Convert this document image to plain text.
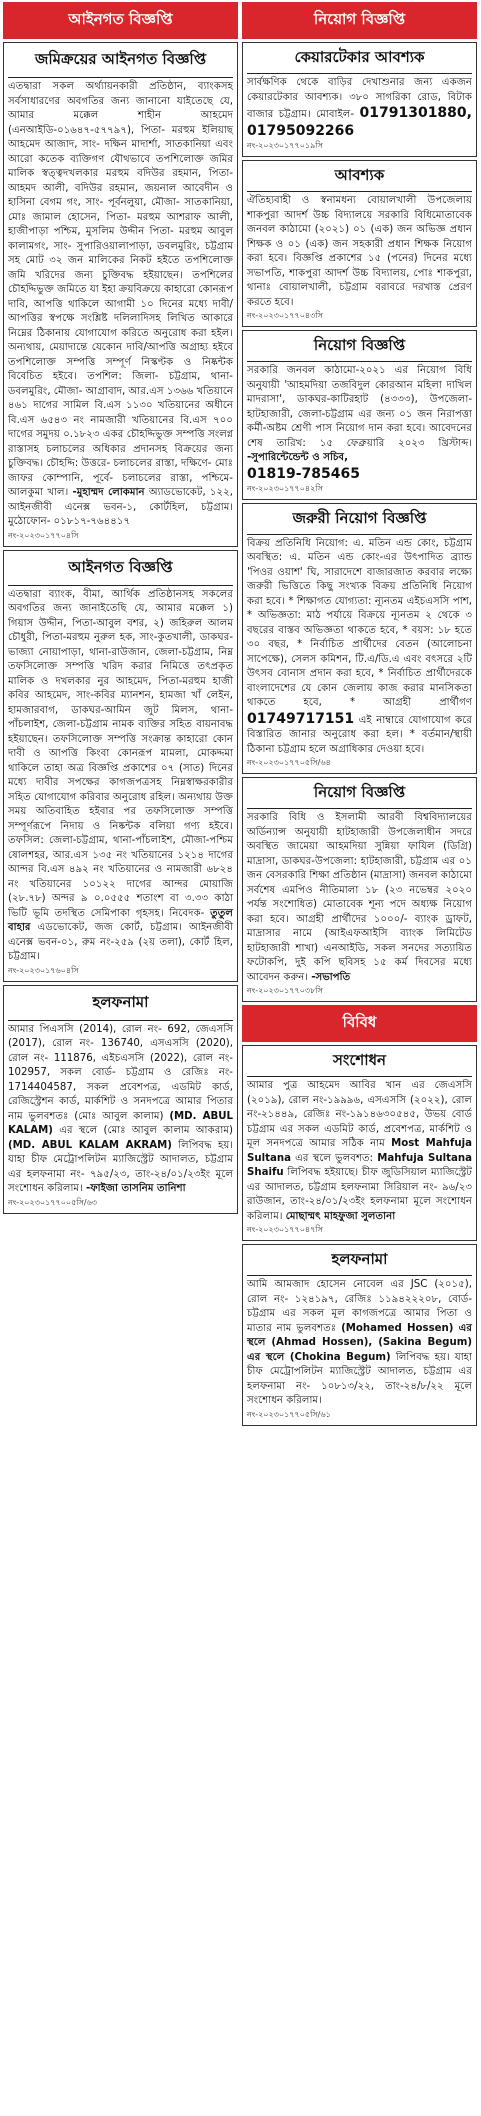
আইনগত বিজ্ঞপ্তি
জমিক্রয়ের আইনগত বিজ্ঞপ্তি
এতদ্বারা সকল অর্থ্যায়নকারী প্রতিষ্ঠান, ব্যাংকসহ সর্বসাধারণের অবগতির জন্য জানানো যাইতেছে যে, আমার মক্কেল শাহীন আহমেদ (এনআইডি-০১৬৪৭-৫৭৭৯৭), পিতা- মরহুম ইলিয়াছ আহমেদ আজাদ, সাং- দক্ষিন মাদার্শা, সাতকানিয়া এবং আরো কতেক ব্যক্তিগণ যৌথভাবে তপশিলোক্ত জমির মালিক স্বত্ত্বদখলকার মরহুম বদিউর রহমান, পিতা- আহমদ আলী, বদিউর রহমান, জয়নাল আবেদীন ও হাসিনা বেগম গং, সাং- পূর্বনলুয়া, মৌজা- সাতকানিয়া, মোঃ জামাল হোসেন, পিতা- মরহুম আশরাফ আলী, হাজীপাড়া পশ্চিম, মুসলিম উদ্দীন পিতা- মরহুম আবুল কালামগং, সাং- সুপারিওয়ালাপাড়া, ডবলমুরিং, চট্টগ্রাম সহ মোট ৩২ জন মালিকের নিকট হইতে তপশিলোক্ত জমি খরিদের জন্য চুক্তিবদ্ধ হইয়াছেন। তপশিলের চৌহদ্দিভুক্ত জমিতে যা ইহা ক্রয়বিক্রয়ে কাহারো কোনরূপ দাবি, আপত্তি থাকিলে আগামী ১০ দিনের মধ্যে দাবী/আপত্তির স্বপক্ষে সংশ্লিষ্ট দলিলাদিসহ লিখিত আকারে নিম্নের ঠিকানায় যোগাযোগ করিতে অনুরোধ করা হইল। অন্যথায়, মেয়াদান্তে যেকোন দাবি/আপত্তি অগ্রাহ্য হইবে তপশিলোক্ত সম্পত্তি সম্পূর্ণ নিস্কণ্টক ও নিষ্কন্টক বিবেচিত হইবে। তপশিল: জিলা- চট্টগ্রাম, থানা- ডবলমুরিং, মৌজা- আগ্রাবাদ, আর.এস ১৩৬৬ খতিয়ানে ৪৬১ দাগের সামিল বি.এস ১১৩০ খতিয়ানের অধীনে বি.এস ৬৫৪৩ নং নামজারী খতিয়ানের বি.এস ৭০০ দাগের সমুদয় ০.১৮২৩ একর চৌহদ্দিভুক্ত সম্পত্তি সংলগ্ন রাস্তাসহ চলাচলের অধিকার প্রদানসহ বিক্রয়ের জন্য চুক্তিবদ্ধ। চৌহদ্দি: উত্তরে- চলাচলের রাস্তা, দক্ষিণে- মোঃ জাফর কোম্পানি, পূর্বে- চলাচলের রাস্তা, পশ্চিমে- আলকুমা খাল। -মুহাম্মদ লোকমান অ্যাডভোকেট, ১২২, আইনজীবী এনেক্স ভবন-১, কোর্টহিল, চট্টগ্রাম। মুঠোফোন- ০১৮১৭-৭৬৪৪১৭
নং-২০২৩০১৭৭০৪সি
আইনগত বিজ্ঞপ্তি
এতদ্বারা ব্যাংক, বীমা, আর্থিক প্রতিষ্ঠানসহ সকলের অবগতির জন্য জানাইতেছি যে, আমার মক্কেল ১) গিয়াস উদ্দীন, পিতা-আবুল বশর, ২) জহিরুল আলম চৌধুরী, পিতা-মরহুম নুরুল হক, সাং-কুতখালী, ডাকঘর-ভাজ্যা নোয়াপাড়া, থানা-রাউজান, জেলা-চট্টগ্রাম, নিম্ন তফসিলোক্ত সম্পত্তি খরিদ করার নিমিত্তে তৎপ্রকৃত মালিক ও দখলকার নুর আহমেদ, পিতা-মরহুম হাজী কবির আহমেদ, সাং-কবির ম্যানশন, হামজা খাঁ লেইন, হামজারবাগ, ডাকঘর-আমিন জুট মিলস, থানা-পাঁচলাইশ, জেলা-চট্টগ্রাম নামক ব্যক্তির সহিত বায়নাবদ্ধ হইয়াছেন। তফসিলোক্ত সম্পত্তি সংক্রান্ত কাহারো কোন দাবী ও আপত্তি কিংবা কোনরূপ মামলা, মোকদ্দমা থাকিলে তাহা অত্র বিজ্ঞপ্তি প্রকাশের ০৭ (সাত) দিনের মধ্যে দাবীর সপক্ষের কাগজপত্রসহ নিম্নস্বাক্ষরকারীর সহিত যোগাযোগ করিবার অনুরোধ রহিল। অন্যথায় উক্ত সময় অতিবাহিত হইবার পর তফসিলোক্ত সম্পত্তি সম্পূর্ণরূপে নিদায় ও নিষ্কন্টক বলিয়া গণ্য হইবে। তফসিল: জেলা-চট্টগ্রাম, থানা-পাঁচলাইশ, মৌজা-পশ্চিম ষোলশহর, আর.এস ১৩৫ নং খতিয়ানের ১২১৪ দাগের আন্দর বি.এস ৪৯২ নং খতিয়ানের ও নামজারী ৬৮২৪ নং খতিয়ানের ১০১২২ দাগের আন্দর মোয়াজি (২৮.৭৮) অন্দর ৯ ০.০৫৫৫ শতাংশ বা ৩.৩৩ কাঠা ভিটি ভূমি তদস্থিত সেমিপাকা গৃহসহ। নিবেদক- তুতুল বাহার এডভোকেট, জজ কোর্ট, চট্টগ্রাম। আইনজীবী এনেক্স ভবন-০১, রুম নং-২৫৯ (২য় তলা), কোর্ট হিল, চট্টগ্রাম।
নং-২০২৩০১৭৬০৪সি
হলফনামা
আমার পিএসসি (2014), রোল নং- 692, জেএসসি (2017), রোল নং- 136740, এসএসসি (2020), রোল নং- 111876, এইচএসসি (2022), রোল নং- 102957, সকল বোর্ড- চট্টগ্রাম ও রেজিঃ নং- 1714404587, সকল প্রবেশপত্র, এডমিট কার্ড, রেজিস্ট্রেশন কার্ড, মার্কশিট ও সনদপত্রে আমার পিতার নাম ভুলবশতঃ (মোঃ আবুল কালাম) (MD. ABUL KALAM) এর স্থলে (মোঃ আবুল কালাম আকরাম) (MD. ABUL KALAM AKRAM) লিপিবদ্ধ হয়। যাহা চীফ মেট্রোপলিটন ম্যাজিস্ট্রেট আদালত, চট্টগ্রাম এর হলফনামা নং- ৭৯৫/২৩, তাং-২৪/০১/২৩ইং মূলে সংশোধন করিলাম। -ফাইজা তাসনিম তানিশা
নং-২০২৩০১৭৭০০৫সি/৬৩
নিয়োগ বিজ্ঞপ্তি
কেয়ারটেকার আবশ্যক
সার্বক্ষণিক থেকে বাড়ির দেখাশুনার জন্য একজন কেয়ারটেকার আবশ্যক। ৩৮০ সাগরিকা রোড, বিটাক বাজার চট্টগ্রাম। মোবাইল- 01791301880, 01795092266
নং-২০২৩০১৭৭০১৯সি
আবশ্যক
ঐতিহ্যবাহী ও স্বনামধন্য বোয়ালখালী উপজেলায় শাকপুরা আদর্শ উচ্চ বিদ্যালয়ে সরকারি বিধিমোতাবেক জনবল কাঠামো (২০২১) ০১ (এক) জন অভিজ্ঞ প্রধান শিক্ষক ও ০১ (এক) জন সহকারী প্রধান শিক্ষক নিয়োগ করা হবে। বিজ্ঞপ্তি প্রকাশের ১৫ (পনের) দিনের মধ্যে সভাপতি, শাকপুরা আদর্শ উচ্চ বিদ্যালয়, পোঃ শাকপুরা, থানাঃ বোয়ালখালী, চট্টগ্রাম বরাবরে দরখাস্ত প্রেরণ করতে হবে।
নং-২০২৩০১৭৭০৪৩সি
নিয়োগ বিজ্ঞপ্তি
সরকারি জনবল কাঠামো-২০২১ এর নিয়োগ বিধি অনুযায়ী 'আহমদিয়া তজবিদুল কোরআন মহিলা দাখিল মাদরাসা', ডাকঘর-কাটিরহাট (৪৩৩৩), উপজেলা-হাটহাজারী, জেলা-চট্টগ্রাম এর জন্য ০১ জন নিরাপত্তা কর্মী-অষ্টম শ্রেণী পাস নিয়োগ দান করা হবে। আবেদনের শেষ তারিখ: ১৫ ফেব্রুয়ারি ২০২৩ খ্রিস্টাব্দ। -সুপারিন্টেন্ডেন্ট ও সচিব,
01819-785465
নং-২০২৩০১৭৭০৪২সি
জরুরী নিয়োগ বিজ্ঞপ্তি
বিক্রয় প্রতিনিধি নিয়োগ: এ. মতিন এন্ড কোং, চট্টগ্রাম অবস্থিত: এ. মতিন এন্ড কোং-এর উৎপাদিত ব্র্যান্ড 'পিওর ওয়াশ' ঘি, সারাদেশে বাজারজাত করবার লক্ষ্যে জরুরী ভিত্তিতে কিছু সংখ্যক বিক্রয় প্রতিনিধি নিয়োগ করা হবে। * শিক্ষাগত যোগ্যতা: ন্যূনতম এইচএসসি পাশ, * অভিজ্ঞতা: মাঠ পর্যায়ে বিক্রয়ে ন্যূনতম ২ থেকে ৩ বছরের বাস্তব অভিজ্ঞতা থাকতে হবে, * বয়স: ১৮ হতে ৩০ বছর, * নির্বাচিত প্রার্থীদের বেতন (আলোচনা সাপেক্ষে), সেলস কমিশন, টি.এ/ডি.এ এবং বৎসরে ২টি উৎসব বোনাস প্রদান করা হবে, * নির্বাচিত প্রার্থীদেরকে বাংলাদেশের যে কোন জেলায় কাজ করার মানসিকতা থাকতে হবে, * আগ্রহী প্রার্থীগণ 01749717151 এই নাম্বারে যোগাযোগ করে বিস্তারিত জানার অনুরোধ করা হল। * বর্তমান/স্থায়ী ঠিকানা চট্টগ্রাম হলে অগ্রাধিকার দেওয়া হবে।
নং-২০২৩০১৭৭০৫সি/৬৪
নিয়োগ বিজ্ঞপ্তি
সরকারি বিধি ও ইসলামী আরবী বিশ্ববিদ্যালয়ের অর্ডিন্যান্স অনুযায়ী হাটহাজারী উপজেলাধীন সদরে অবস্থিত জামেয়া আহমদিয়া সুন্নিয়া ফাযিল (ডিগ্রি) মাদ্রাসা, ডাকঘর-উপজেলা: হাটহাজারী, চট্টগ্রাম এর ০১ জন বেসরকারি শিক্ষা প্রতিষ্ঠান (মাদ্রাসা) জনবল কাঠামো সর্বশেষ এমপিও নীতিমালা ১৮ (২৩ নভেম্বর ২০২০ পর্যন্ত সংশোধিত) মোতাবেক শূন্য পদে অধ্যক্ষ নিয়োগ করা হবে। আগ্রহী প্রার্থীদের ১০০০/- ব্যাংক ড্রাফট, মাদ্রাসার নামে (আইএফআইসি ব্যাংক লিমিটেড হাটহাজারী শাখা) এনআইডি, সকল সনদের সত্যায়িত ফটোকপি, দুই কপি ছবিসহ ১৫ কর্ম দিবসের মধ্যে আবেদন করুন। -সভাপতি
নং-২০২৩০১৭৭০৩৮সি
বিবিধ
সংশোধন
আমার পুত্র আহমেদ আবির খান এর জেএসসি (২০১৯), রোল নং-১৯৯৯৬, এসএসসি (২০২২), রোল নং-২১৪৪৯, রেজিঃ নং-১৯১৪৬৩০৫৪৫, উভয় বোর্ড চট্টগ্রাম এর সকল এডমিট কার্ড, প্রবেশপত্র, মার্কশিট ও মূল সনদপত্রে আমার সঠিক নাম Most Mahfuja Sultana এর স্থলে ভুলবশত: Mahfuja Sultana Shaifu লিপিবদ্ধ হইয়াছে। চীফ জুডিসিয়াল ম্যাজিস্ট্রেট এর আদালত, চট্টগ্রাম হলফনামা সিরিয়াল নং- ৯৬/২৩ রাউজান, তাং-২৪/০১/২৩ইং হলফনামা মূলে সংশোধন করিলাম। মোছাম্মৎ মাহফুজা সুলতানা
নং-২০২৩০১৭৭০৪৭সি
হলফনামা
আমি আমজাদ হোসেন নোবেল এর JSC (২০১৫), রোল নং- ১২৪১৯৭, রেজিঃ ১১৯৪২২২০৮, বোর্ড-চট্টগ্রাম এর সকল মূল কাগজপত্রে আমার পিতা ও মাতার নাম ভুলবশতঃ (Mohamed Hossen) এর স্থলে (Ahmad Hossen), (Sakina Begum) এর স্থলে (Chokina Begum) লিপিবদ্ধ হয়। যাহা চীফ মেট্রোপলিটন ম্যাজিস্ট্রেট আদালত, চট্টগ্রাম এর হলফনামা নং- ১০৮১৩/২২, তাং-২৪/৮/২২ মূলে সংশোধন করিলাম।
নং-২০২৩০১৭৭০৫সি/৬১
